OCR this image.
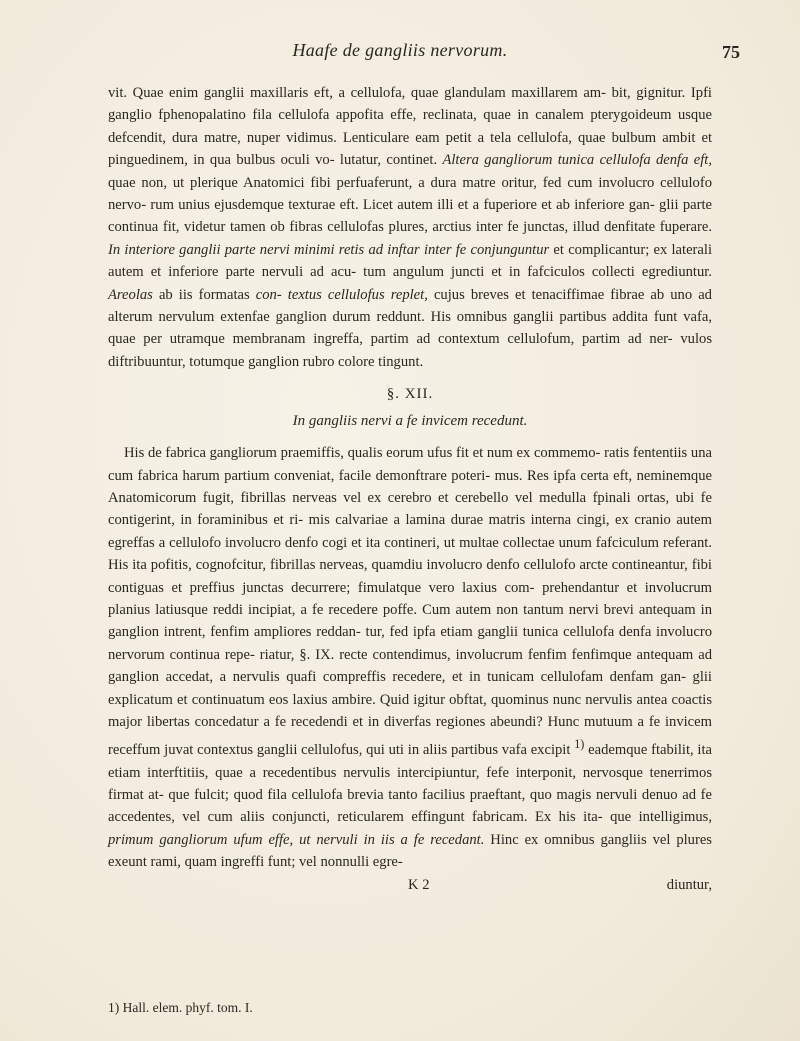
Haafe de gangliis nervorum.	75

vit. Quae enim ganglii maxillaris eft, a cellulofa, quae glandulam maxillarem am- bit, gignitur. Ipfi ganglio fphenopalatino fila cellulofa appofita effe, reclinata, quae in canalem pterygoideum usque defcendit, dura matre, nuper vidimus. Lenticulare eam petit a tela cellulofa, quae bulbum ambit et pinguedinem, in qua bulbus oculi vo- lutatur, continet. Altera gangliorum tunica cellulofa denfa eft, quae non, ut plerique Anatomici fibi perfuaferunt, a dura matre oritur, fed cum involucro cellulofo nervo- rum unius ejusdemque texturae eft. Licet autem illi et a fuperiore et ab inferiore gan- glii parte continua fit, videtur tamen ob fibras cellulofas plures, arctius inter fe junctas, illud denfitate fuperare. In interiore ganglii parte nervi minimi retis ad inftar inter fe conjunguntur et complicantur; ex laterali autem et inferiore parte nervuli ad acu- tum angulum juncti et in fafciculos collecti egrediuntur. Areolas ab iis formatas con- textus cellulofus replet, cujus breves et tenaciffimae fibrae ab uno ad alterum nervulum extenfae ganglion durum reddunt. His omnibus ganglii partibus addita funt vafa, quae per utramque membranam ingreffa, partim ad contextum cellulofum, partim ad ner- vulos diftribuuntur, totumque ganglion rubro colore tingunt.

§. XII.
In gangliis nervi a fe invicem recedunt.

His de fabrica gangliorum praemiffis, qualis eorum ufus fit et num ex commemo- ratis fententiis una cum fabrica harum partium conveniat, facile demonftrare poteri- mus. Res ipfa certa eft, neminemque Anatomicorum fugit, fibrillas nerveas vel ex cerebro et cerebello vel medulla fpinali ortas, ubi fe contigerint, in foraminibus et ri- mis calvariae a lamina durae matris interna cingi, ex cranio autem egreffas a cellulofo involucro denfo cogi et ita contineri, ut multae collectae unum fafciculum referant. His ita pofitis, cognofcitur, fibrillas nerveas, quamdiu involucro denfo cellulofo arcte contineantur, fibi contiguas et preffius junctas decurrere; fimulatque vero laxius com- prehendantur et involucrum planius latiusque reddi incipiat, a fe recedere poffe. Cum autem non tantum nervi brevi antequam in ganglion intrent, fenfim ampliores reddan- tur, fed ipfa etiam ganglii tunica cellulofa denfa involucro nervorum continua repe- riatur, §. IX. recte contendimus, involucrum fenfim fenfimque antequam ad ganglion accedat, a nervulis quafi compreffis recedere, et in tunicam cellulofam denfam gan- glii explicatum et continuatum eos laxius ambire. Quid igitur obftat, quominus nunc nervulis antea coactis major libertas concedatur a fe recedendi et in diverfas regiones abeundi? Hunc mutuum a fe invicem receffum juvat contextus ganglii cellulofus, qui uti in aliis partibus vafa excipit $^{1)}$ eademque ftabilit, ita etiam interftitiis, quae a recedentibus nervulis intercipiuntur, fefe interponit, nervosque tenerrimos firmat at- que fulcit; quod fila cellulofa brevia tanto facilius praeftant, quo magis nervuli denuo ad fe accedentes, vel cum aliis conjuncti, reticularem effingunt fabricam. Ex his ita- que intelligimus, primum gangliorum ufum effe, ut nervuli in iis a fe recedant. Hinc ex omnibus gangliis vel plures exeunt rami, quam ingreffi funt; vel nonnulli egre-

K 2	diuntur,
1) Hall. elem. phyf. tom. I.
